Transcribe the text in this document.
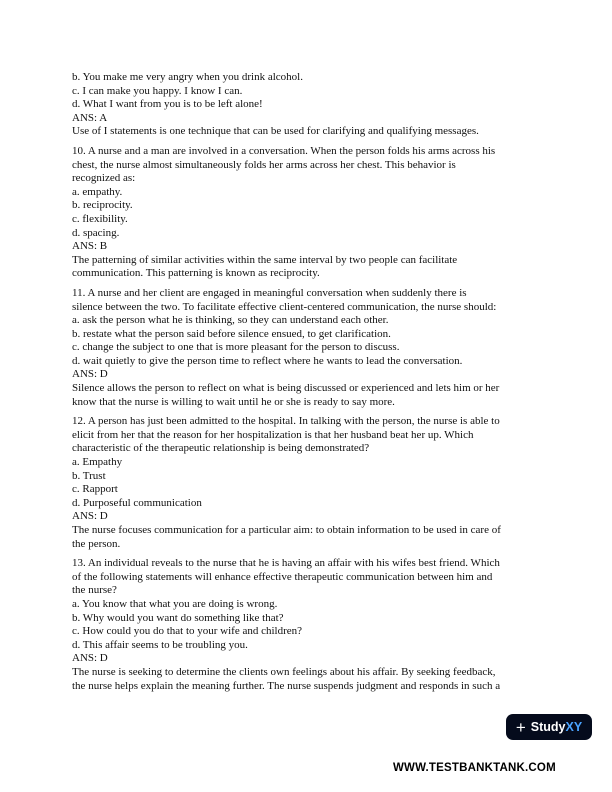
b. You make me very angry when you drink alcohol.
c. I can make you happy. I know I can.
d. What I want from you is to be left alone!
ANS: A
Use of I statements is one technique that can be used for clarifying and qualifying messages.
10. A nurse and a man are involved in a conversation. When the person folds his arms across his
chest, the nurse almost simultaneously folds her arms across her chest. This behavior is
recognized as:
a. empathy.
b. reciprocity.
c. flexibility.
d. spacing.
ANS: B
The patterning of similar activities within the same interval by two people can facilitate
communication. This patterning is known as reciprocity.
11. A nurse and her client are engaged in meaningful conversation when suddenly there is
silence between the two. To facilitate effective client-centered communication, the nurse should:
a. ask the person what he is thinking, so they can understand each other.
b. restate what the person said before silence ensued, to get clarification.
c. change the subject to one that is more pleasant for the person to discuss.
d. wait quietly to give the person time to reflect where he wants to lead the conversation.
ANS: D
Silence allows the person to reflect on what is being discussed or experienced and lets him or her
know that the nurse is willing to wait until he or she is ready to say more.
12. A person has just been admitted to the hospital. In talking with the person, the nurse is able to
elicit from her that the reason for her hospitalization is that her husband beat her up. Which
characteristic of the therapeutic relationship is being demonstrated?
a. Empathy
b. Trust
c. Rapport
d. Purposeful communication
ANS: D
The nurse focuses communication for a particular aim: to obtain information to be used in care of
the person.
13. An individual reveals to the nurse that he is having an affair with his wifes best friend. Which
of the following statements will enhance effective therapeutic communication between him and
the nurse?
a. You know that what you are doing is wrong.
b. Why would you want do something like that?
c. How could you do that to your wife and children?
d. This affair seems to be troubling you.
ANS: D
The nurse is seeking to determine the clients own feelings about his affair. By seeking feedback,
the nurse helps explain the meaning further. The nurse suspends judgment and responds in such a
+ Study XY
WWW.TESTBANKTANK.COM
